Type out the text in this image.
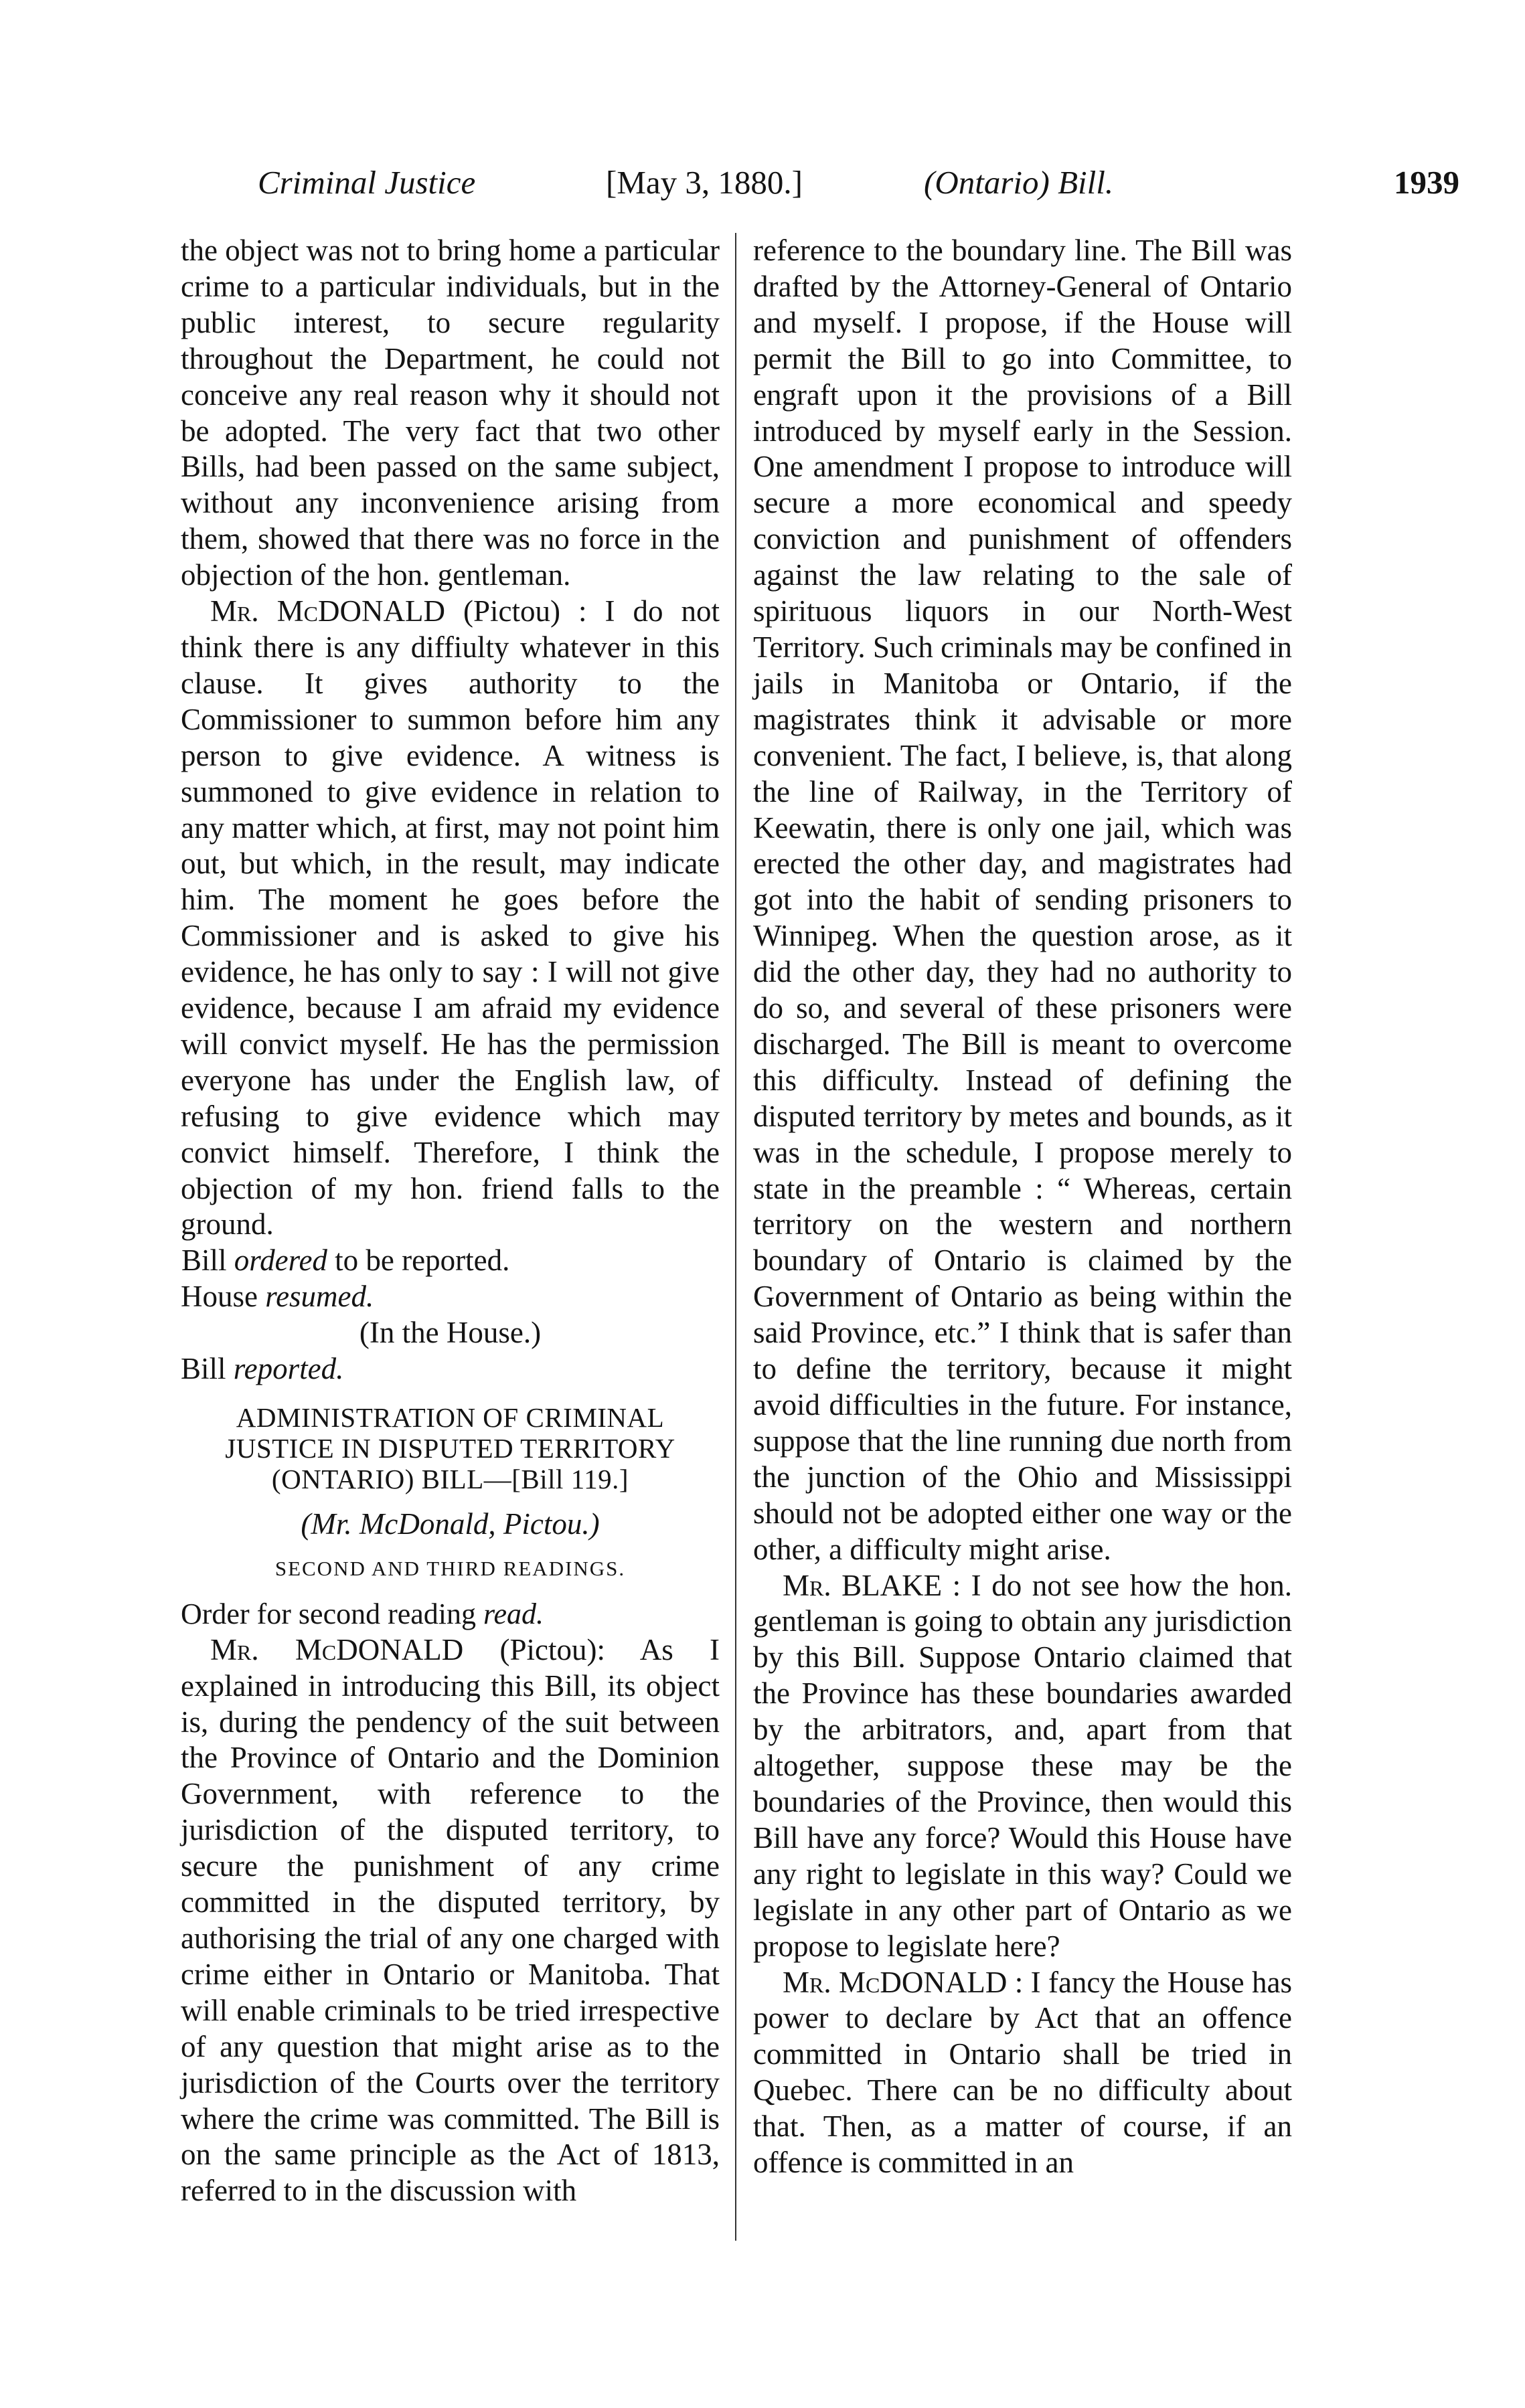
Criminal Justice	[May 3, 1880.]	(Ontario) Bill.	1939

the object was not to bring home a particular crime to a particular individuals, but in the public interest, to secure regularity throughout the Department, he could not conceive any real reason why it should not be adopted. The very fact that two other Bills, had been passed on the same subject, without any inconvenience arising from them, showed that there was no force in the objection of the hon. gentleman.

Mr. McDONALD (Pictou) : I do not think there is any diffiulty whatever in this clause. It gives authority to the Commissioner to summon before him any person to give evidence. A witness is summoned to give evidence in relation to any matter which, at first, may not point him out, but which, in the result, may indicate him. The moment he goes before the Commissioner and is asked to give his evidence, he has only to say : I will not give evidence, because I am afraid my evidence will convict myself. He has the permission everyone has under the English law, of refusing to give evidence which may convict himself. Therefore, I think the objection of my hon. friend falls to the ground.

Bill ordered to be reported.

House resumed.

(In the House.)

Bill reported.

ADMINISTRATION OF CRIMINAL JUSTICE IN DISPUTED TERRITORY (ONTARIO) BILL—[Bill 119.]

(Mr. McDonald, Pictou.)

SECOND AND THIRD READINGS.

Order for second reading read.

Mr. McDONALD (Pictou): As I explained in introducing this Bill, its object is, during the pendency of the suit between the Province of Ontario and the Dominion Government, with reference to the jurisdiction of the disputed territory, to secure the punishment of any crime committed in the disputed territory, by authorising the trial of any one charged with crime either in Ontario or Manitoba. That will enable criminals to be tried irrespective of any question that might arise as to the jurisdiction of the Courts over the territory where the crime was committed. The Bill is on the same principle as the Act of 1813, referred to in the discussion with

reference to the boundary line. The Bill was drafted by the Attorney-General of Ontario and myself. I propose, if the House will permit the Bill to go into Committee, to engraft upon it the provisions of a Bill introduced by myself early in the Session. One amendment I propose to introduce will secure a more economical and speedy conviction and punishment of offenders against the law relating to the sale of spirituous liquors in our North-West Territory. Such criminals may be confined in jails in Manitoba or Ontario, if the magistrates think it advisable or more convenient. The fact, I believe, is, that along the line of Railway, in the Territory of Keewatin, there is only one jail, which was erected the other day, and magistrates had got into the habit of sending prisoners to Winnipeg. When the question arose, as it did the other day, they had no authority to do so, and several of these prisoners were discharged. The Bill is meant to overcome this difficulty. Instead of defining the disputed territory by metes and bounds, as it was in the schedule, I propose merely to state in the preamble : “ Whereas, certain territory on the western and northern boundary of Ontario is claimed by the Government of Ontario as being within the said Province, etc.” I think that is safer than to define the territory, because it might avoid difficulties in the future. For instance, suppose that the line running due north from the junction of the Ohio and Mississippi should not be adopted either one way or the other, a difficulty might arise.

Mr. BLAKE : I do not see how the hon. gentleman is going to obtain any jurisdiction by this Bill. Suppose Ontario claimed that the Province has these boundaries awarded by the arbitrators, and, apart from that altogether, suppose these may be the boundaries of the Province, then would this Bill have any force? Would this House have any right to legislate in this way? Could we legislate in any other part of Ontario as we propose to legislate here?

Mr. McDONALD : I fancy the House has power to declare by Act that an offence committed in Ontario shall be tried in Quebec. There can be no difficulty about that. Then, as a matter of course, if an offence is committed in an
